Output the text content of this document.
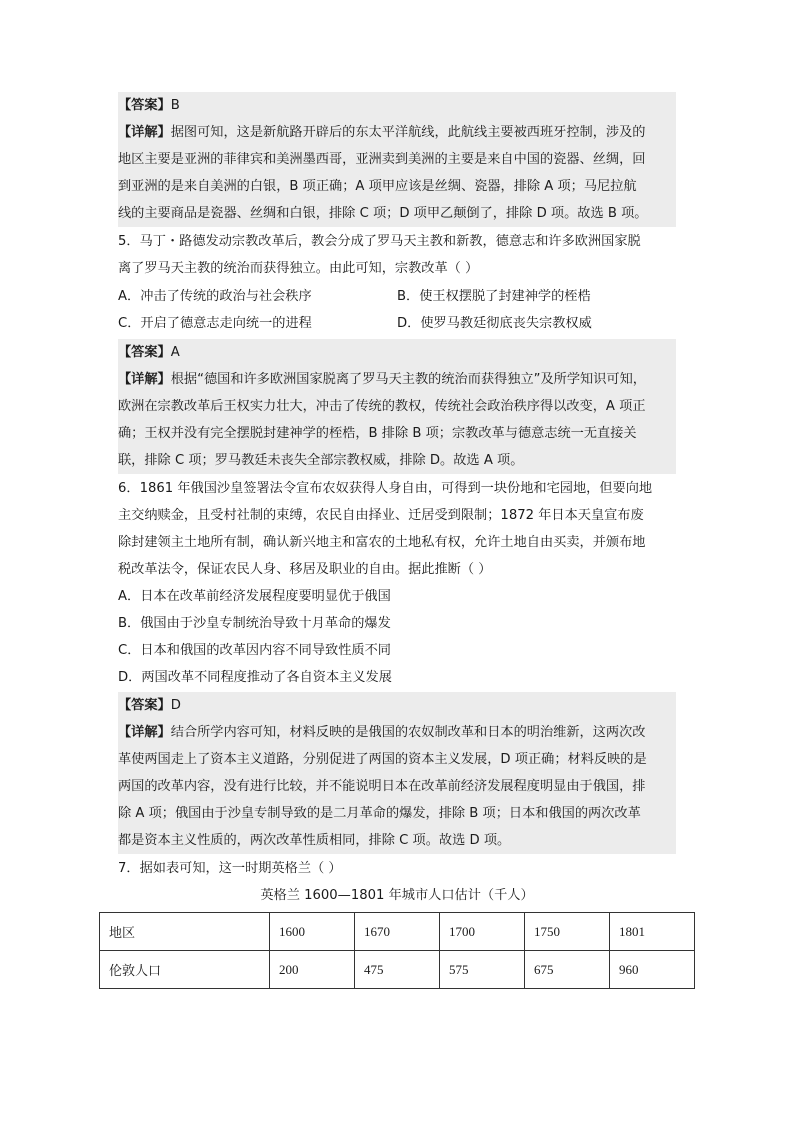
【答案】B
【详解】据图可知，这是新航路开辟后的东太平洋航线，此航线主要被西班牙控制，涉及的
地区主要是亚洲的菲律宾和美洲墨西哥，亚洲卖到美洲的主要是来自中国的瓷器、丝绸，回
到亚洲的是来自美洲的白银，B 项正确；A 项甲应该是丝绸、瓷器，排除 A 项；马尼拉航
线的主要商品是瓷器、丝绸和白银，排除 C 项；D 项甲乙颠倒了，排除 D 项。故选 B 项。
5．马丁・路德发动宗教改革后，教会分成了罗马天主教和新教，德意志和许多欧洲国家脱
离了罗马天主教的统治而获得独立。由此可知，宗教改革（ ）
A．冲击了传统的政治与社会秩序	B．使王权摆脱了封建神学的桎梏
C．开启了德意志走向统一的进程	D．使罗马教廷彻底丧失宗教权威
【答案】A
【详解】根据“德国和许多欧洲国家脱离了罗马天主教的统治而获得独立”及所学知识可知，
欧洲在宗教改革后王权实力壮大，冲击了传统的教权，传统社会政治秩序得以改变，A 项正
确；王权并没有完全摆脱封建神学的桎梏，B 排除 B 项；宗教改革与德意志统一无直接关
联，排除 C 项；罗马教廷未丧失全部宗教权威，排除 D。故选 A 项。
6．1861 年俄国沙皇签署法令宣布农奴获得人身自由，可得到一块份地和宅园地，但要向地
主交纳赎金，且受村社制的束缚，农民自由择业、迁居受到限制；1872 年日本天皇宣布废
除封建领主土地所有制，确认新兴地主和富农的土地私有权，允许土地自由买卖，并颁布地
税改革法令，保证农民人身、移居及职业的自由。据此推断（ ）
A．日本在改革前经济发展程度要明显优于俄国
B．俄国由于沙皇专制统治导致十月革命的爆发
C．日本和俄国的改革因内容不同导致性质不同
D．两国改革不同程度推动了各自资本主义发展
【答案】D
【详解】结合所学内容可知，材料反映的是俄国的农奴制改革和日本的明治维新，这两次改
革使两国走上了资本主义道路，分别促进了两国的资本主义发展，D 项正确；材料反映的是
两国的改革内容，没有进行比较，并不能说明日本在改革前经济发展程度明显由于俄国，排
除 A 项；俄国由于沙皇专制导致的是二月革命的爆发，排除 B 项；日本和俄国的两次改革
都是资本主义性质的，两次改革性质相同，排除 C 项。故选 D 项。
7．据如表可知，这一时期英格兰（ ）
英格兰 1600—1801 年城市人口估计（千人）
地区	1600	1670	1700	1750	1801
伦敦人口	200	475	575	675	960
